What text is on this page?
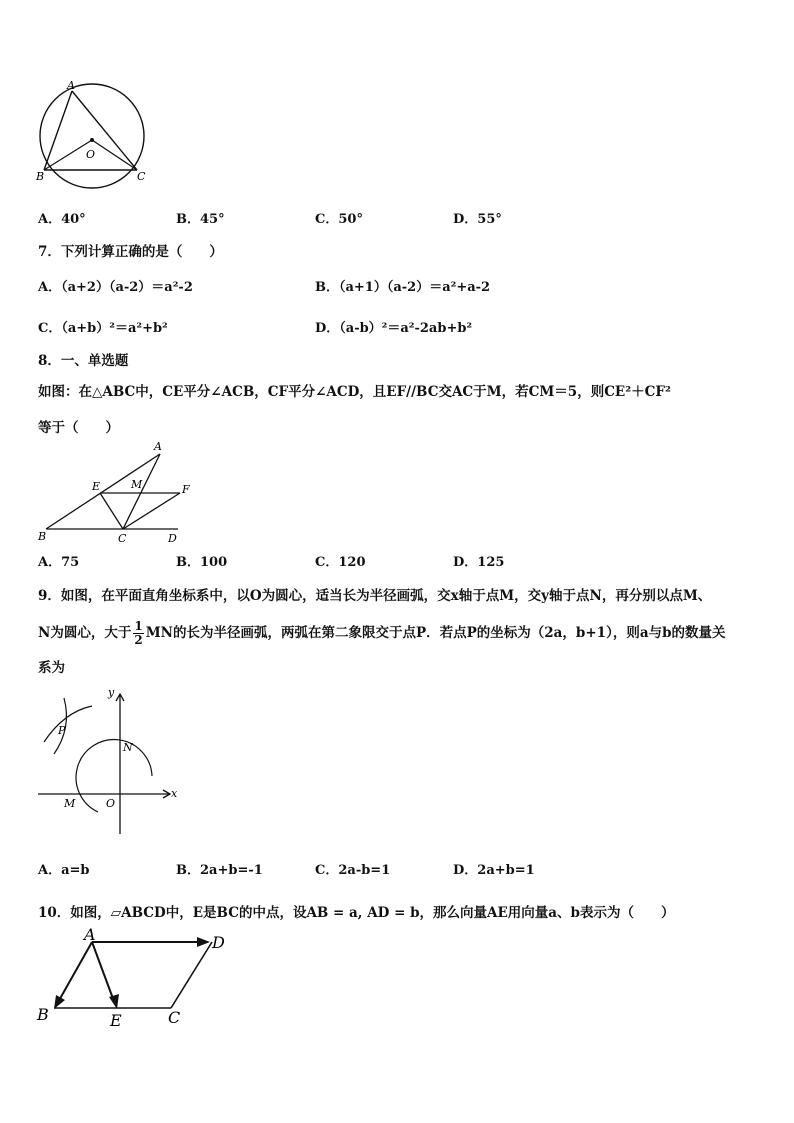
A
B	C
O
A．40°	B．45°	C．50°	D．55°
7．下列计算正确的是（　　）
A．（a+2）（a-2）＝a²-2	B．（a+1）（a-2）＝a²+a-2
C．（a+b）²＝a²+b²	D．（a-b）²＝a²-2ab+b²
8．一、单选题
如图：在△ABC中，CE平分∠ACB，CF平分∠ACD，且EF//BC交AC于M，若CM＝5，则CE²＋CF²
等于（　　）
A
B	C	D
E	F
M
A．75	B．100	C．120	D．125
9．如图，在平面直角坐标系中，以O为圆心，适当长为半径画弧，交x轴于点M，交y轴于点N，再分别以点M、
N为圆心，大于 $\frac{1}{2}$ MN的长为半径画弧，两弧在第二象限交于点P．若点P的坐标为（2a，b+1），则a与b的数量关
系为
y
x
P
N
M	O
A．a=b	B．2a+b=-1	C．2a-b=1	D．2a+b=1
10．如图，▱ABCD中，E是BC的中点，设AB = a, AD = b，那么向量AE用向量a、b表示为（　　）
A
B	C
D
E
